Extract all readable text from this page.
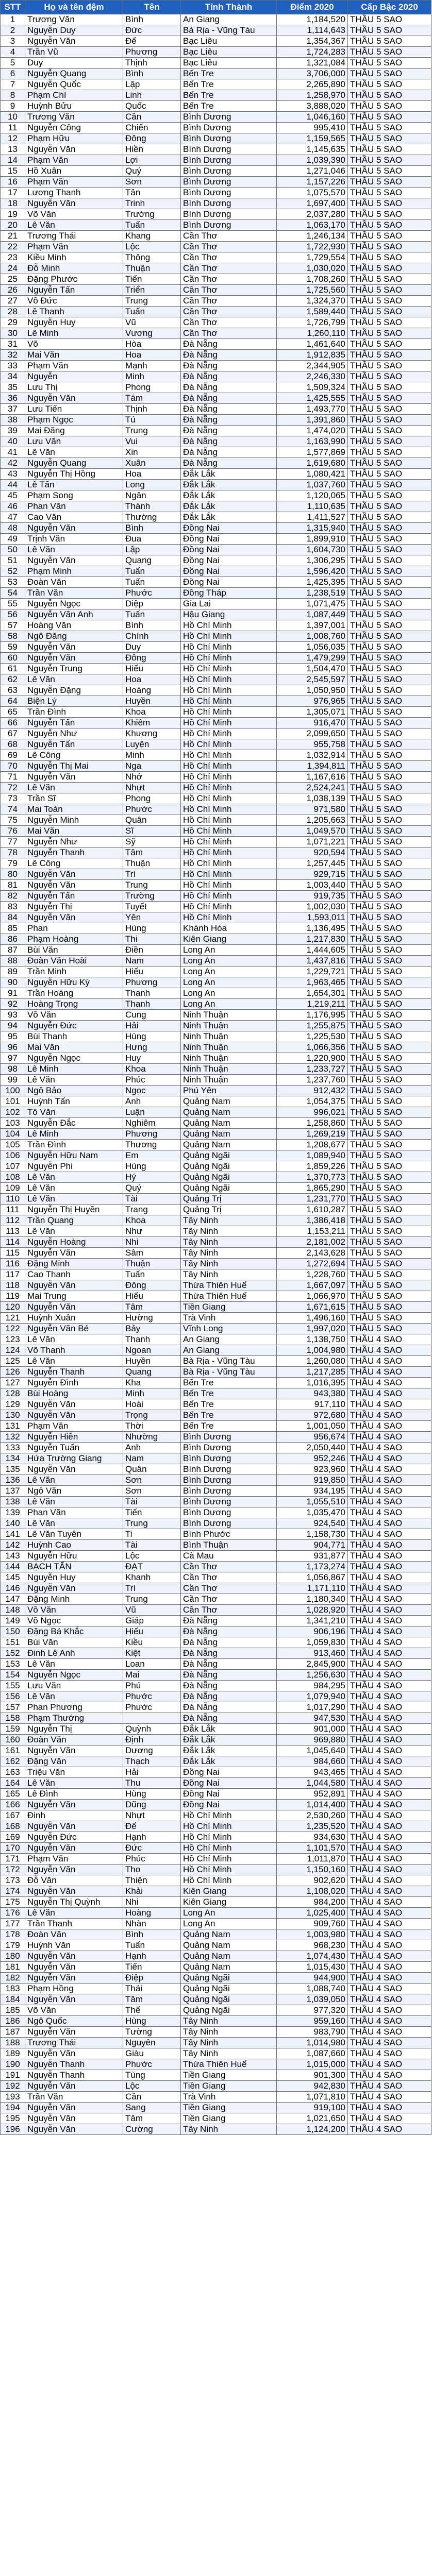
STT	Họ và tên đệm	Tên	Tỉnh Thành	Điểm 2020	Cấp Bậc 2020
1	Trương Văn	Bình	An Giang	1,184,520	THẦU 5 SAO
2	Nguyễn Duy	Đức	Bà Rịa - Vũng Tàu	1,114,643	THẦU 5 SAO
3	Nguyễn Văn	Đế	Bạc Liêu	1,354,367	THẦU 5 SAO
4	Trần Vũ	Phương	Bạc Liêu	1,724,283	THẦU 5 SAO
5	Duy	Thịnh	Bạc Liêu	1,321,084	THẦU 5 SAO
6	Nguyễn Quang	Bình	Bến Tre	3,706,000	THẦU 5 SAO
7	Nguyễn Quốc	Lập	Bến Tre	2,265,890	THẦU 5 SAO
8	Phạm Chí	Linh	Bến Tre	1,258,970	THẦU 5 SAO
9	Huỳnh Bửu	Quốc	Bến Tre	3,888,020	THẦU 5 SAO
10	Trương Văn	Cần	Bình Dương	1,046,160	THẦU 5 SAO
11	Nguyễn Công	Chiến	Bình Dương	995,410	THẦU 5 SAO
12	Phạm Hữu	Đông	Bình Dương	1,159,565	THẦU 5 SAO
13	Nguyễn Văn	Hiền	Bình Dương	1,145,635	THẦU 5 SAO
14	Phạm Văn	Lợi	Bình Dương	1,039,390	THẦU 5 SAO
15	Hồ Xuân	Quý	Bình Dương	1,271,046	THẦU 5 SAO
16	Phạm Văn	Sơn	Bình Dương	1,157,226	THẦU 5 SAO
17	Lương Thanh	Tân	Bình Dương	1,075,570	THẦU 5 SAO
18	Nguyễn Văn	Trinh	Bình Dương	1,697,400	THẦU 5 SAO
19	Võ Văn	Trường	Bình Dương	2,037,280	THẦU 5 SAO
20	Lê Văn	Tuấn	Bình Dương	1,063,170	THẦU 5 SAO
21	Trương Thái	Khang	Cần Thơ	1,246,134	THẦU 5 SAO
22	Phạm Văn	Lộc	Cần Thơ	1,722,930	THẦU 5 SAO
23	Kiều Minh	Thông	Cần Thơ	1,729,554	THẦU 5 SAO
24	Đỗ Minh	Thuận	Cần Thơ	1,030,020	THẦU 5 SAO
25	Đặng Phước	Tiến	Cần Thơ	1,708,260	THẦU 5 SAO
26	Nguyễn Tấn	Triển	Cần Thơ	1,725,560	THẦU 5 SAO
27	Võ Đức	Trung	Cần Thơ	1,324,370	THẦU 5 SAO
28	Lê Thanh	Tuấn	Cần Thơ	1,589,440	THẦU 5 SAO
29	Nguyễn Huy	Vũ	Cần Thơ	1,726,799	THẦU 5 SAO
30	Lê Minh	Vương	Cần Thơ	1,260,110	THẦU 5 SAO
31	Võ	Hòa	Đà Nẵng	1,461,640	THẦU 5 SAO
32	Mai Văn	Hoa	Đà Nẵng	1,912,835	THẦU 5 SAO
33	Phạm Văn	Mạnh	Đà Nẵng	2,344,905	THẦU 5 SAO
34	Nguyễn	Minh	Đà Nẵng	2,246,330	THẦU 5 SAO
35	Lưu Thị	Phong	Đà Nẵng	1,509,324	THẦU 5 SAO
36	Nguyễn Văn	Tám	Đà Nẵng	1,425,555	THẦU 5 SAO
37	Lưu Tiến	Thịnh	Đà Nẵng	1,493,770	THẦU 5 SAO
38	Phạm Ngọc	Tú	Đà Nẵng	1,391,860	THẦU 5 SAO
39	Mai Đăng	Trung	Đà Nẵng	1,474,020	THẦU 5 SAO
40	Lưu Văn	Vui	Đà Nẵng	1,163,990	THẦU 5 SAO
41	Lê Văn	Xin	Đà Nẵng	1,577,869	THẦU 5 SAO
42	Nguyễn Quang	Xuân	Đà Nẵng	1,619,680	THẦU 5 SAO
43	Nguyễn Thị Hồng	Hoa	Đắk Lắk	1,080,421	THẦU 5 SAO
44	Lê Tấn	Long	Đắk Lắk	1,037,760	THẦU 5 SAO
45	Phạm Song	Ngân	Đắk Lắk	1,120,065	THẦU 5 SAO
46	Phan Văn	Thành	Đắk Lắk	1,110,635	THẦU 5 SAO
47	Cao Văn	Thường	Đắk Lắk	1,411,527	THẦU 5 SAO
48	Nguyễn Văn	Bình	Đồng Nai	1,315,940	THẦU 5 SAO
49	Trịnh Văn	Đua	Đồng Nai	1,899,910	THẦU 5 SAO
50	Lê Văn	Lập	Đồng Nai	1,604,730	THẦU 5 SAO
51	Nguyễn Văn	Quang	Đồng Nai	1,306,295	THẦU 5 SAO
52	Phạm Minh	Tuấn	Đồng Nai	1,596,420	THẦU 5 SAO
53	Đoàn Văn	Tuấn	Đồng Nai	1,425,395	THẦU 5 SAO
54	Trần Văn	Phước	Đồng Tháp	1,238,519	THẦU 5 SAO
55	Nguyễn Ngọc	Diệp	Gia Lai	1,071,475	THẦU 5 SAO
56	Nguyễn Văn Anh	Tuấn	Hậu Giang	1,087,449	THẦU 5 SAO
57	Hoàng Văn	Bình	Hồ Chí Minh	1,397,001	THẦU 5 SAO
58	Ngô Đăng	Chính	Hồ Chí Minh	1,008,760	THẦU 5 SAO
59	Nguyễn Văn	Duy	Hồ Chí Minh	1,056,035	THẦU 5 SAO
60	Nguyễn Văn	Đông	Hồ Chí Minh	1,479,299	THẦU 5 SAO
61	Nguyễn Trung	Hiếu	Hồ Chí Minh	1,504,470	THẦU 5 SAO
62	Lê Văn	Hoa	Hồ Chí Minh	2,545,597	THẦU 5 SAO
63	Nguyễn Đặng	Hoàng	Hồ Chí Minh	1,050,950	THẦU 5 SAO
64	Biện Lý	Huyền	Hồ Chí Minh	976,965	THẦU 5 SAO
65	Trần Đình	Khoa	Hồ Chí Minh	1,305,071	THẦU 5 SAO
66	Nguyễn Tấn	Khiêm	Hồ Chí Minh	916,470	THẦU 5 SAO
67	Nguyễn Như	Khương	Hồ Chí Minh	2,099,650	THẦU 5 SAO
68	Nguyễn Tấn	Luyện	Hồ Chí Minh	955,758	THẦU 5 SAO
69	Lê Công	Minh	Hồ Chí Minh	1,032,914	THẦU 5 SAO
70	Nguyễn Thị Mai	Nga	Hồ Chí Minh	1,394,811	THẦU 5 SAO
71	Nguyễn Văn	Nhớ	Hồ Chí Minh	1,167,616	THẦU 5 SAO
72	Lê Văn	Nhựt	Hồ Chí Minh	2,524,241	THẦU 5 SAO
73	Trần Sĩ	Phong	Hồ Chí Minh	1,038,139	THẦU 5 SAO
74	Mai Toàn	Phước	Hồ Chí Minh	971,580	THẦU 5 SAO
75	Nguyễn Minh	Quân	Hồ Chí Minh	1,205,663	THẦU 5 SAO
76	Mai Văn	Sĩ	Hồ Chí Minh	1,049,570	THẦU 5 SAO
77	Nguyễn Như	Sỹ	Hồ Chí Minh	1,071,221	THẦU 5 SAO
78	Nguyễn Thanh	Tâm	Hồ Chí Minh	920,594	THẦU 5 SAO
79	Lê Công	Thuận	Hồ Chí Minh	1,257,445	THẦU 5 SAO
80	Nguyễn Văn	Trí	Hồ Chí Minh	929,715	THẦU 5 SAO
81	Nguyễn Văn	Trung	Hồ Chí Minh	1,003,440	THẦU 5 SAO
82	Nguyễn Tấn	Trường	Hồ Chí Minh	919,735	THẦU 5 SAO
83	Nguyễn Thị	Tuyết	Hồ Chí Minh	1,002,030	THẦU 5 SAO
84	Nguyễn Văn	Yên	Hồ Chí Minh	1,593,011	THẦU 5 SAO
85	Phan	Hùng	Khánh Hòa	1,136,495	THẦU 5 SAO
86	Phạm Hoàng	Thi	Kiên Giang	1,217,830	THẦU 5 SAO
87	Bùi Văn	Điền	Long An	1,444,605	THẦU 5 SAO
88	Đoàn Văn Hoài	Nam	Long An	1,437,816	THẦU 5 SAO
89	Trần Minh	Hiếu	Long An	1,229,721	THẦU 5 SAO
90	Nguyễn Hữu Kỳ	Phương	Long An	1,963,465	THẦU 5 SAO
91	Trần Hoàng	Thanh	Long An	1,654,301	THẦU 5 SAO
92	Hoàng Trọng	Thanh	Long An	1,219,211	THẦU 5 SAO
93	Võ Văn	Cung	Ninh Thuận	1,176,995	THẦU 5 SAO
94	Nguyễn Đức	Hải	Ninh Thuận	1,255,875	THẦU 5 SAO
95	Bùi Thanh	Hùng	Ninh Thuận	1,225,530	THẦU 5 SAO
96	Mai Văn	Hưng	Ninh Thuận	1,066,356	THẦU 5 SAO
97	Nguyễn Ngọc	Huy	Ninh Thuận	1,220,900	THẦU 5 SAO
98	Lê Minh	Khoa	Ninh Thuận	1,233,727	THẦU 5 SAO
99	Lê Văn	Phúc	Ninh Thuận	1,237,760	THẦU 5 SAO
100	Ngô Bảo	Ngọc	Phú Yên	912,432	THẦU 5 SAO
101	Huỳnh Tấn	Anh	Quảng Nam	1,054,375	THẦU 5 SAO
102	Tô Văn	Luận	Quảng Nam	996,021	THẦU 5 SAO
103	Nguyễn Đắc	Nghiêm	Quảng Nam	1,258,860	THẦU 5 SAO
104	Lê Minh	Phương	Quảng Nam	1,269,219	THẦU 5 SAO
105	Trần Đình	Thương	Quảng Nam	1,208,677	THẦU 5 SAO
106	Nguyễn Hữu Nam	Em	Quảng Ngãi	1,089,940	THẦU 5 SAO
107	Nguyễn Phi	Hùng	Quảng Ngãi	1,859,226	THẦU 5 SAO
108	Lê Văn	Hý	Quảng Ngãi	1,370,773	THẦU 5 SAO
109	Lê Văn	Quý	Quảng Ngãi	1,865,290	THẦU 5 SAO
110	Lê Văn	Tài	Quảng Trị	1,231,770	THẦU 5 SAO
111	Nguyễn Thị Huyền	Trang	Quảng Trị	1,610,287	THẦU 5 SAO
112	Trần Quang	Khoa	Tây Ninh	1,386,418	THẦU 5 SAO
113	Lê Văn	Như	Tây Ninh	1,153,211	THẦU 5 SAO
114	Nguyễn Hoàng	Nhi	Tây Ninh	2,181,002	THẦU 5 SAO
115	Nguyễn Văn	Sâm	Tây Ninh	2,143,628	THẦU 5 SAO
116	Đặng Minh	Thuận	Tây Ninh	1,272,694	THẦU 5 SAO
117	Cao Thanh	Tuấn	Tây Ninh	1,228,760	THẦU 5 SAO
118	Nguyễn Văn	Đông	Thừa Thiên Huế	1,667,097	THẦU 5 SAO
119	Mai Trung	Hiếu	Thừa Thiên Huế	1,066,970	THẦU 5 SAO
120	Nguyễn Văn	Tâm	Tiền Giang	1,671,615	THẦU 5 SAO
121	Huỳnh Xuân	Hường	Trà Vinh	1,496,160	THẦU 5 SAO
122	Nguyễn Văn Bé	Bảy	Vĩnh Long	1,997,020	THẦU 5 SAO
123	Lê Văn	Thanh	An Giang	1,138,750	THẦU 4 SAO
124	Võ Thanh	Ngoan	An Giang	1,004,980	THẦU 4 SAO
125	Lê Văn	Huyền	Bà Rịa - Vũng Tàu	1,260,080	THẦU 4 SAO
126	Nguyễn Thanh	Quang	Bà Rịa - Vũng Tàu	1,217,285	THẦU 4 SAO
127	Nguyễn Đình	Kha	Bến Tre	1,016,395	THẦU 4 SAO
128	Bùi Hoàng	Minh	Bến Tre	943,380	THẦU 4 SAO
129	Nguyễn Văn	Hoài	Bến Tre	917,110	THẦU 4 SAO
130	Nguyễn Văn	Trọng	Bến Tre	972,680	THẦU 4 SAO
131	Phạm Văn	Thời	Bến Tre	1,001,050	THẦU 4 SAO
132	Nguyễn Hiền	Nhường	Bình Dương	956,674	THẦU 4 SAO
133	Nguyễn Tuấn	Anh	Bình Dương	2,050,440	THẦU 4 SAO
134	Hứa Trường Giang	Nam	Bình Dương	952,246	THẦU 4 SAO
135	Nguyễn Văn	Quân	Bình Dương	923,960	THẦU 4 SAO
136	Lê Văn	Sơn	Bình Dương	919,850	THẦU 4 SAO
137	Ngô Văn	Sơn	Bình Dương	934,195	THẦU 4 SAO
138	Lê Văn	Tài	Bình Dương	1,055,510	THẦU 4 SAO
139	Phan Văn	Tiến	Bình Dương	1,035,470	THẦU 4 SAO
140	Lê Văn	Trung	Bình Dương	924,540	THẦU 4 SAO
141	Lê Văn Tuyên	Ti	Bình Phước	1,158,730	THẦU 4 SAO
142	Huỳnh Cao	Tài	Bình Thuận	904,771	THẦU 4 SAO
143	Nguyễn Hữu	Lộc	Cà Mau	931,877	THẦU 4 SAO
144	BẠCH TẤN	ĐẠT	Cần Thơ	1,173,274	THẦU 4 SAO
145	Nguyễn Huy	Khanh	Cần Thơ	1,056,867	THẦU 4 SAO
146	Nguyễn Văn	Trí	Cần Thơ	1,171,110	THẦU 4 SAO
147	Đặng Minh	Trung	Cần Thơ	1,180,340	THẦU 4 SAO
148	Võ Văn	Vũ	Cần Thơ	1,028,920	THẦU 4 SAO
149	Võ Ngọc	Giáp	Đà Nẵng	1,341,210	THẦU 4 SAO
150	Đặng Bá Khắc	Hiếu	Đà Nẵng	906,196	THẦU 4 SAO
151	Bùi Văn	Kiều	Đà Nẵng	1,059,830	THẦU 4 SAO
152	Đinh Lê Anh	Kiệt	Đà Nẵng	913,460	THẦU 4 SAO
153	Lê Văn	Loan	Đà Nẵng	2,845,900	THẦU 4 SAO
154	Nguyễn Ngọc	Mai	Đà Nẵng	1,256,630	THẦU 4 SAO
155	Lưu Văn	Phú	Đà Nẵng	984,295	THẦU 4 SAO
156	Lê Văn	Phước	Đà Nẵng	1,079,940	THẦU 4 SAO
157	Phan Phương	Phước	Đà Nẵng	1,017,290	THẦU 4 SAO
158	Phạm Thướng		Đà Nẵng	947,530	THẦU 4 SAO
159	Nguyễn Thị	Quỳnh	Đắk Lắk	901,000	THẦU 4 SAO
160	Đoàn Văn	Định	Đắk Lắk	969,880	THẦU 4 SAO
161	Nguyễn Văn	Dương	Đắk Lắk	1,045,640	THẦU 4 SAO
162	Đặng Văn	Thạch	Đắk Lắk	984,660	THẦU 4 SAO
163	Triệu Văn	Hải	Đồng Nai	943,465	THẦU 4 SAO
164	Lê Văn	Thu	Đồng Nai	1,044,580	THẦU 4 SAO
165	Lê Đình	Hùng	Đồng Nai	952,891	THẦU 4 SAO
166	Nguyễn Văn	Dũng	Đồng Nai	1,014,400	THẦU 4 SAO
167	Đinh	Nhựt	Hồ Chí Minh	2,530,260	THẦU 4 SAO
168	Nguyễn Văn	Đế	Hồ Chí Minh	1,235,520	THẦU 4 SAO
169	Nguyễn Đức	Hạnh	Hồ Chí Minh	934,630	THẦU 4 SAO
170	Nguyễn Văn	Đức	Hồ Chí Minh	1,101,570	THẦU 4 SAO
171	Phạm Văn	Phúc	Hồ Chí Minh	1,011,870	THẦU 4 SAO
172	Nguyễn Văn	Thọ	Hồ Chí Minh	1,150,160	THẦU 4 SAO
173	Đỗ Văn	Thiện	Hồ Chí Minh	902,620	THẦU 4 SAO
174	Nguyễn Văn	Khải	Kiên Giang	1,108,020	THẦU 4 SAO
175	Nguyễn Thị Quỳnh	Nhi	Kiên Giang	984,200	THẦU 4 SAO
176	Lê Văn	Hoàng	Long An	1,025,400	THẦU 4 SAO
177	Trần Thanh	Nhàn	Long An	909,760	THẦU 4 SAO
178	Đoàn Văn	Bình	Quảng Nam	1,003,980	THẦU 4 SAO
179	Huỳnh Văn	Tuấn	Quảng Nam	968,230	THẦU 4 SAO
180	Nguyễn Văn	Hạnh	Quảng Nam	1,074,430	THẦU 4 SAO
181	Nguyễn Văn	Tiến	Quảng Nam	1,015,430	THẦU 4 SAO
182	Nguyễn Văn	Điệp	Quảng Ngãi	944,900	THẦU 4 SAO
183	Phạm Hồng	Thái	Quảng Ngãi	1,088,740	THẦU 4 SAO
184	Nguyễn Văn	Tâm	Quảng Ngãi	1,039,050	THẦU 4 SAO
185	Võ Văn	Thế	Quảng Ngãi	977,320	THẦU 4 SAO
186	Ngô Quốc	Hùng	Tây Ninh	959,160	THẦU 4 SAO
187	Nguyễn Văn	Tường	Tây Ninh	983,790	THẦU 4 SAO
188	Trương Thái	Nguyên	Tây Ninh	1,014,980	THẦU 4 SAO
189	Nguyễn Văn	Giàu	Tây Ninh	1,087,660	THẦU 4 SAO
190	Nguyễn Thanh	Phước	Thừa Thiên Huế	1,015,000	THẦU 4 SAO
191	Nguyễn Thanh	Tùng	Tiền Giang	901,300	THẦU 4 SAO
192	Nguyễn Văn	Lộc	Tiền Giang	942,830	THẦU 4 SAO
193	Trần Văn	Cần	Trà Vinh	1,071,810	THẦU 4 SAO
194	Nguyễn Văn	Sang	Tiền Giang	919,100	THẦU 4 SAO
195	Nguyễn Văn	Tâm	Tiền Giang	1,021,650	THẦU 4 SAO
196	Nguyễn Văn	Cường	Tây Ninh	1,124,200	THẦU 4 SAO
